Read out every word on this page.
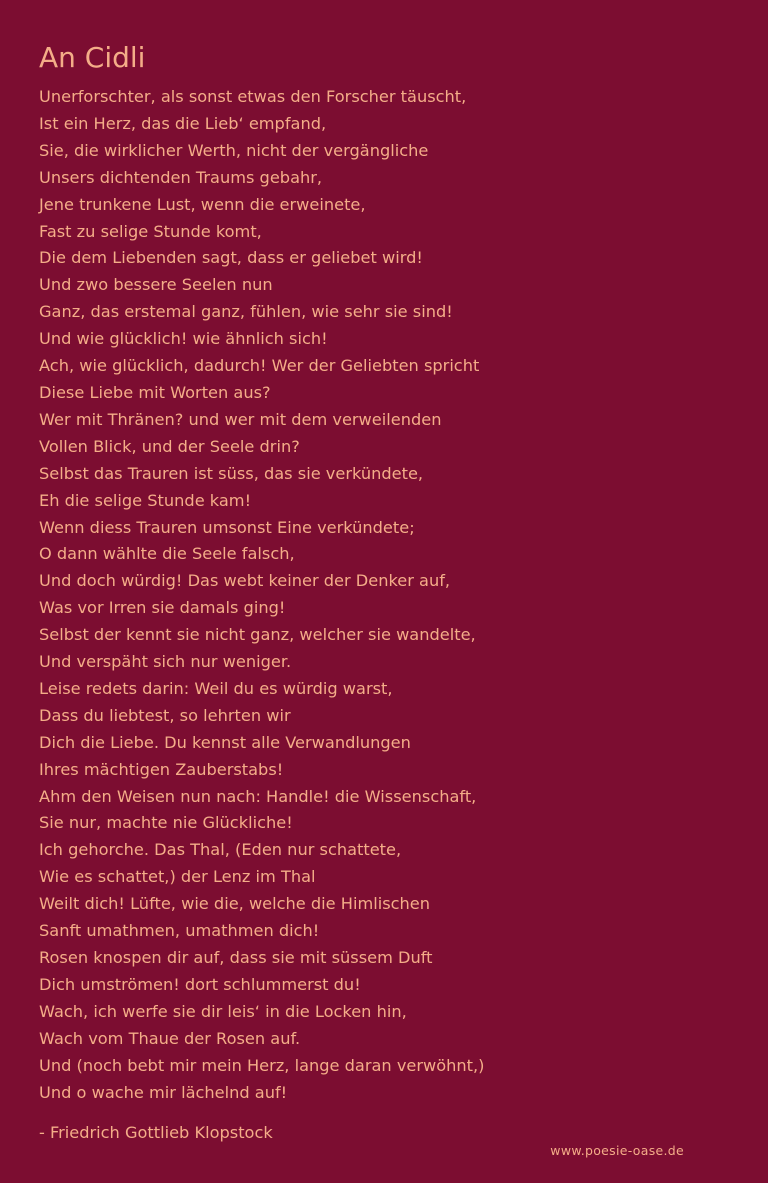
An Cidli
Unerforschter, als sonst etwas den Forscher täuscht,
Ist ein Herz, das die Lieb‘ empfand,
Sie, die wirklicher Werth, nicht der vergängliche
Unsers dichtenden Traums gebahr,
Jene trunkene Lust, wenn die erweinete,
Fast zu selige Stunde komt,
Die dem Liebenden sagt, dass er geliebet wird!
Und zwo bessere Seelen nun
Ganz, das erstemal ganz, fühlen, wie sehr sie sind!
Und wie glücklich! wie ähnlich sich!
Ach, wie glücklich, dadurch! Wer der Geliebten spricht
Diese Liebe mit Worten aus?
Wer mit Thränen? und wer mit dem verweilenden
Vollen Blick, und der Seele drin?
Selbst das Trauren ist süss, das sie verkündete,
Eh die selige Stunde kam!
Wenn diess Trauren umsonst Eine verkündete;
O dann wählte die Seele falsch,
Und doch würdig! Das webt keiner der Denker auf,
Was vor Irren sie damals ging!
Selbst der kennt sie nicht ganz, welcher sie wandelte,
Und verspäht sich nur weniger.
Leise redets darin: Weil du es würdig warst,
Dass du liebtest, so lehrten wir
Dich die Liebe. Du kennst alle Verwandlungen
Ihres mächtigen Zauberstabs!
Ahm den Weisen nun nach: Handle! die Wissenschaft,
Sie nur, machte nie Glückliche!
Ich gehorche. Das Thal, (Eden nur schattete,
Wie es schattet,) der Lenz im Thal
Weilt dich! Lüfte, wie die, welche die Himlischen
Sanft umathmen, umathmen dich!
Rosen knospen dir auf, dass sie mit süssem Duft
Dich umströmen! dort schlummerst du!
Wach, ich werfe sie dir leis‘ in die Locken hin,
Wach vom Thaue der Rosen auf.
Und (noch bebt mir mein Herz, lange daran verwöhnt,)
Und o wache mir lächelnd auf!

- Friedrich Gottlieb Klopstock

www.poesie-oase.de
